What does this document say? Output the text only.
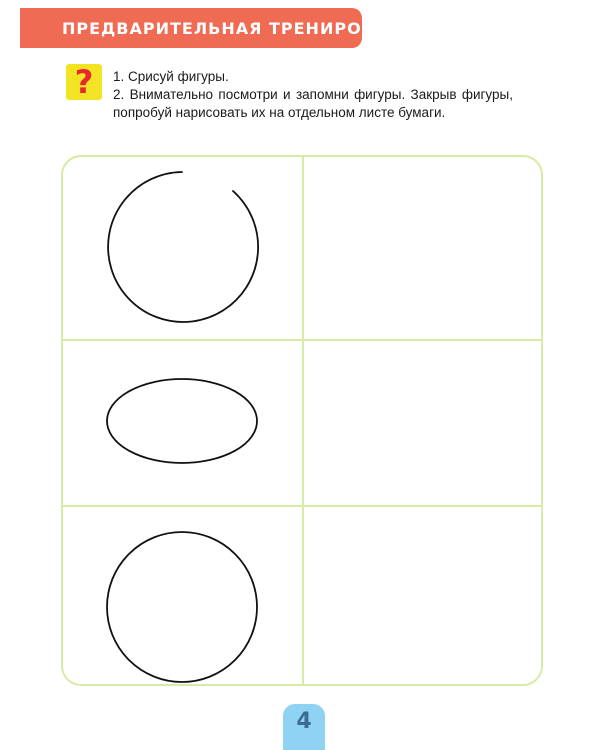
ПРЕДВАРИТЕЛЬНАЯ ТРЕНИРОВКА
? 1. Срисуй фигуры.

2. Внимательно посмотри и запомни фигуры. Закрыв фигуры, попробуй нарисовать их на отдельном листе бумаги.

4
